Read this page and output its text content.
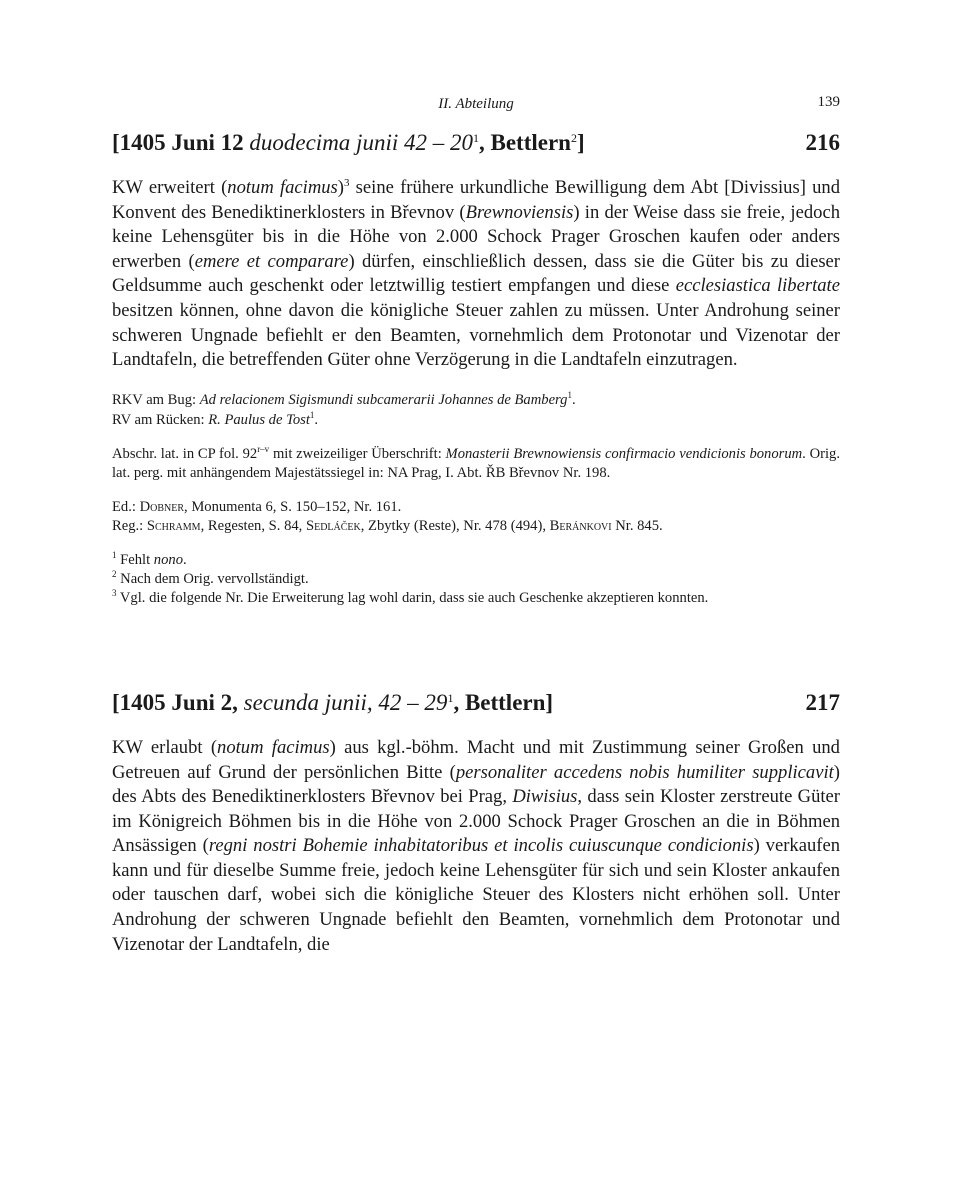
II. Abteilung	139
[1405 Juni 12 duodecima junii $42 - 20^1$, Bettlern$^2$]	216

KW erweitert (notum facimus)$^3$ seine frühere urkundliche Bewilligung dem Abt [Divissius] und Konvent des Benediktinerklosters in Břevnov (Brewnoviensis) in der Weise dass sie freie, jedoch keine Lehensgüter bis in die Höhe von 2.000 Schock Prager Groschen kaufen oder anders erwerben (emere et comparare) dürfen, einschließlich dessen, dass sie die Güter bis zu dieser Geldsumme auch geschenkt oder letztwillig testiert empfangen und diese ecclesiastica libertate besitzen können, ohne davon die königliche Steuer zahlen zu müssen. Unter Androhung seiner schweren Ungnade befiehlt er den Beamten, vornehmlich dem Protonotar und Vizenotar der Landtafeln, die betreffenden Güter ohne Verzögerung in die Landtafeln einzutragen.

RKV am Bug: Ad relacionem Sigismundi subcamerarii Johannes de Bamberg$^1$.
RV am Rücken: R. Paulus de Tost$^1$.
Abschr. lat. in CP fol. 92$^{r-v}$ mit zweizeiliger Überschrift: Monasterii Brewnowiensis confirmacio vendicionis bonorum. Orig. lat. perg. mit anhängendem Majestätssiegel in: NA Prag, I. Abt. ŘB Břevnov Nr. 198.
Ed.: Dobner, Monumenta 6, S. 150–152, Nr. 161.
Reg.: Schramm, Regesten, S. 84, Sedláček, Zbytky (Reste), Nr. 478 (494), Beránkovi Nr. 845.
$^1$ Fehlt nono.
$^2$ Nach dem Orig. vervollständigt.
$^3$ Vgl. die folgende Nr. Die Erweiterung lag wohl darin, dass sie auch Geschenke akzeptieren konnten.
[1405 Juni 2, secunda junii, $42 - 29^1$, Bettlern]	217

KW erlaubt (notum facimus) aus kgl.-böhm. Macht und mit Zustimmung seiner Großen und Getreuen auf Grund der persönlichen Bitte (personaliter accedens nobis humiliter supplicavit) des Abts des Benediktinerklosters Břevnov bei Prag, Diwisius, dass sein Kloster zerstreute Güter im Königreich Böhmen bis in die Höhe von 2.000 Schock Prager Groschen an die in Böhmen Ansässigen (regni nostri Bohemie inhabitatoribus et incolis cuiuscunque condicionis) verkaufen kann und für dieselbe Summe freie, jedoch keine Lehensgüter für sich und sein Kloster ankaufen oder tauschen darf, wobei sich die königliche Steuer des Klosters nicht erhöhen soll. Unter Androhung der schweren Ungnade befiehlt den Beamten, vornehmlich dem Protonotar und Vizenotar der Landtafeln, die
